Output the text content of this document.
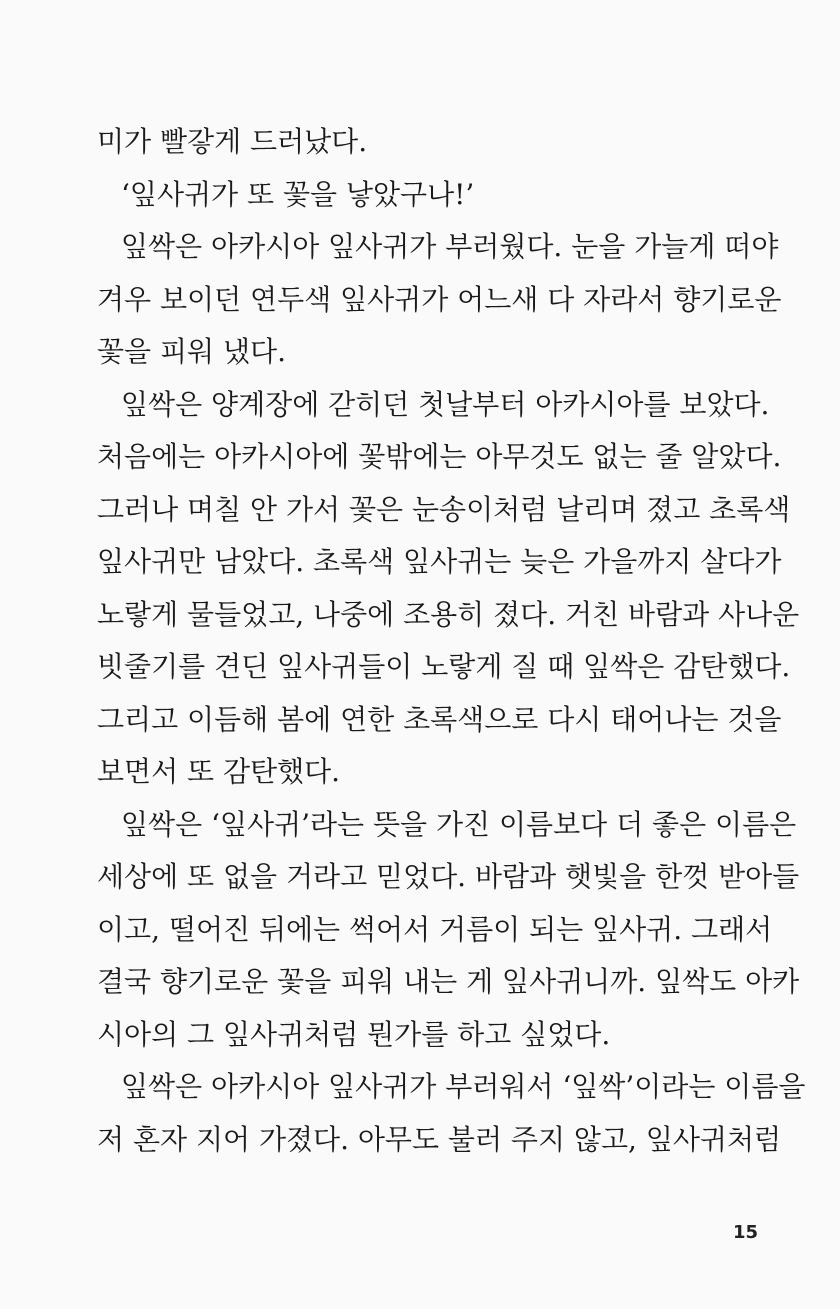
미가 빨갛게 드러났다.
‘잎사귀가 또 꽃을 낳았구나!’
잎싹은 아카시아 잎사귀가 부러웠다. 눈을 가늘게 떠야
겨우 보이던 연두색 잎사귀가 어느새 다 자라서 향기로운
꽃을 피워 냈다.
잎싹은 양계장에 갇히던 첫날부터 아카시아를 보았다.
처음에는 아카시아에 꽃밖에는 아무것도 없는 줄 알았다.
그러나 며칠 안 가서 꽃은 눈송이처럼 날리며 졌고 초록색
잎사귀만 남았다. 초록색 잎사귀는 늦은 가을까지 살다가
노랗게 물들었고, 나중에 조용히 졌다. 거친 바람과 사나운
빗줄기를 견딘 잎사귀들이 노랗게 질 때 잎싹은 감탄했다.
그리고 이듬해 봄에 연한 초록색으로 다시 태어나는 것을
보면서 또 감탄했다.
잎싹은 ‘잎사귀’라는 뜻을 가진 이름보다 더 좋은 이름은
세상에 또 없을 거라고 믿었다. 바람과 햇빛을 한껏 받아들
이고, 떨어진 뒤에는 썩어서 거름이 되는 잎사귀. 그래서
결국 향기로운 꽃을 피워 내는 게 잎사귀니까. 잎싹도 아카
시아의 그 잎사귀처럼 뭔가를 하고 싶었다.
잎싹은 아카시아 잎사귀가 부러워서 ‘잎싹’이라는 이름을
저 혼자 지어 가졌다. 아무도 불러 주지 않고, 잎사귀처럼
15
